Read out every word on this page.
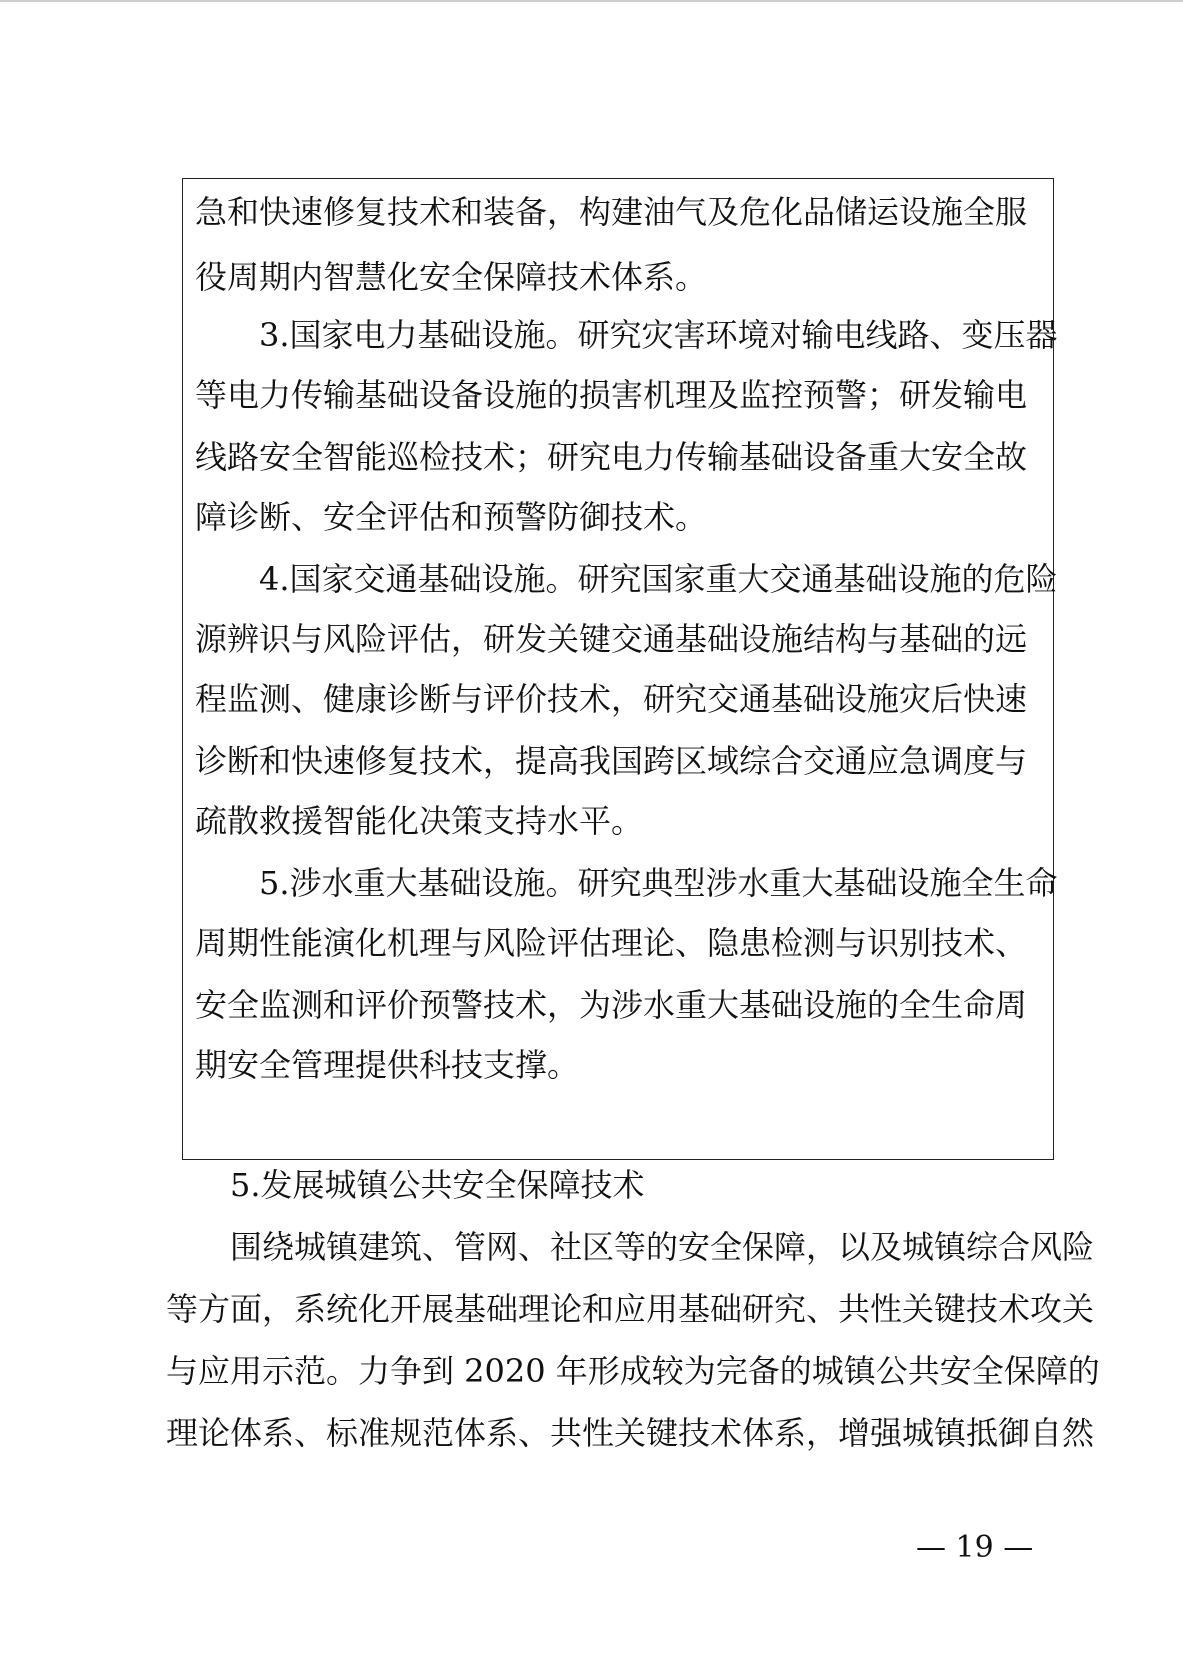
急和快速修复技术和装备，构建油气及危化品储运设施全服
役周期内智慧化安全保障技术体系。
3.国家电力基础设施。研究灾害环境对输电线路、变压器
等电力传输基础设备设施的损害机理及监控预警；研发输电
线路安全智能巡检技术；研究电力传输基础设备重大安全故
障诊断、安全评估和预警防御技术。
4.国家交通基础设施。研究国家重大交通基础设施的危险
源辨识与风险评估，研发关键交通基础设施结构与基础的远
程监测、健康诊断与评价技术，研究交通基础设施灾后快速
诊断和快速修复技术，提高我国跨区域综合交通应急调度与
疏散救援智能化决策支持水平。
5.涉水重大基础设施。研究典型涉水重大基础设施全生命
周期性能演化机理与风险评估理论、隐患检测与识别技术、
安全监测和评价预警技术，为涉水重大基础设施的全生命周
期安全管理提供科技支撑。
5.发展城镇公共安全保障技术
围绕城镇建筑、管网、社区等的安全保障，以及城镇综合风险
等方面，系统化开展基础理论和应用基础研究、共性关键技术攻关
与应用示范。力争到 2020 年形成较为完备的城镇公共安全保障的
理论体系、标准规范体系、共性关键技术体系，增强城镇抵御自然
— 19 —
